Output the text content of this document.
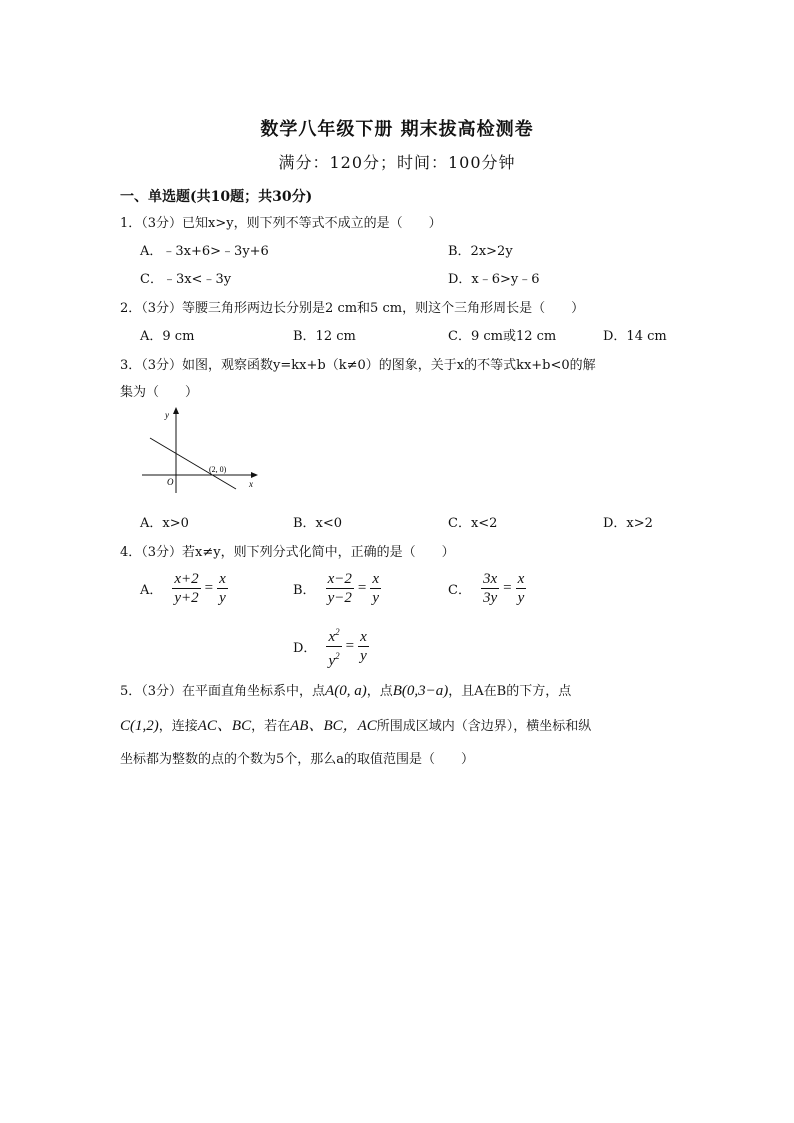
数学八年级下册 期末拔高检测卷
满分：120分；时间：100分钟
一、单选题(共10题；共30分)
1．（3分）已知x>y，则下列不等式不成立的是（　　）
A．﹣3x+6>﹣3y+6	B．2x>2y
C．﹣3x<﹣3y	D．x﹣6>y﹣6
2．（3分）等腰三角形两边长分别是2 cm和5 cm，则这个三角形周长是（　　）
A．9 cm	B．12 cm	C．9 cm或12 cm	D．14 cm
3．（3分）如图，观察函数y=kx+b（k≠0）的图象，关于x的不等式kx+b<0的解
集为（　　）
y
x
O
(2, 0)
A．x>0	B．x<0	C．x<2	D．x>2
4．（3分）若x≠y，则下列分式化简中，正确的是（　　）
A． $\frac{x+2}{y+2} = \frac{x}{y}$	B． $\frac{x-2}{y-2} = \frac{x}{y}$	C． $\frac{3x}{3y} = \frac{x}{y}$
D． $\frac{x^2}{y^2} = \frac{x}{y}$
5．（3分）在平面直角坐标系中，点A(0, a)，点B(0,3−a)，且A在B的下方，点
C(1,2)，连接AC、BC，若在AB、BC，AC所围成区域内（含边界），横坐标和纵
坐标都为整数的点的个数为5个，那么a的取值范围是（　　）
